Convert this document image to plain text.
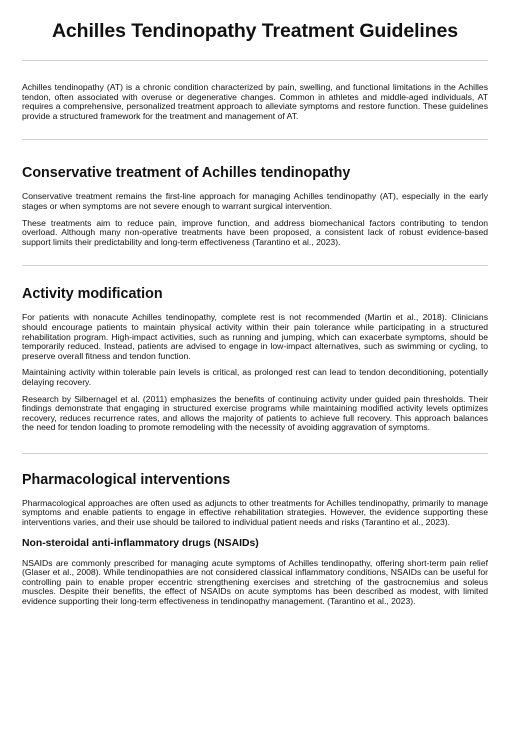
Achilles Tendinopathy Treatment Guidelines

Achilles tendinopathy (AT) is a chronic condition characterized by pain, swelling, and functional limitations in the Achilles tendon, often associated with overuse or degenerative changes. Common in athletes and middle-aged individuals, AT requires a comprehensive, personalized treatment approach to alleviate symptoms and restore function. These guidelines provide a structured framework for the treatment and management of AT.

Conservative treatment of Achilles tendinopathy

Conservative treatment remains the first-line approach for managing Achilles tendinopathy (AT), especially in the early stages or when symptoms are not severe enough to warrant surgical intervention.

These treatments aim to reduce pain, improve function, and address biomechanical factors contributing to tendon overload. Although many non-operative treatments have been proposed, a consistent lack of robust evidence-based support limits their predictability and long-term effectiveness (Tarantino et al., 2023).

Activity modification

For patients with nonacute Achilles tendinopathy, complete rest is not recommended (Martin et al., 2018). Clinicians should encourage patients to maintain physical activity within their pain tolerance while participating in a structured rehabilitation program. High-impact activities, such as running and jumping, which can exacerbate symptoms, should be temporarily reduced. Instead, patients are advised to engage in low-impact alternatives, such as swimming or cycling, to preserve overall fitness and tendon function.

Maintaining activity within tolerable pain levels is critical, as prolonged rest can lead to tendon deconditioning, potentially delaying recovery.

Research by Silbernagel et al. (2011) emphasizes the benefits of continuing activity under guided pain thresholds. Their findings demonstrate that engaging in structured exercise programs while maintaining modified activity levels optimizes recovery, reduces recurrence rates, and allows the majority of patients to achieve full recovery. This approach balances the need for tendon loading to promote remodeling with the necessity of avoiding aggravation of symptoms.

Pharmacological interventions

Pharmacological approaches are often used as adjuncts to other treatments for Achilles tendinopathy, primarily to manage symptoms and enable patients to engage in effective rehabilitation strategies. However, the evidence supporting these interventions varies, and their use should be tailored to individual patient needs and risks (Tarantino et al., 2023).

Non-steroidal anti-inflammatory drugs (NSAIDs)

NSAIDs are commonly prescribed for managing acute symptoms of Achilles tendinopathy, offering short-term pain relief (Glaser et al., 2008). While tendinopathies are not considered classical inflammatory conditions, NSAIDs can be useful for controlling pain to enable proper eccentric strengthening exercises and stretching of the gastrocnemius and soleus muscles. Despite their benefits, the effect of NSAIDs on acute symptoms has been described as modest, with limited evidence supporting their long-term effectiveness in tendinopathy management. (Tarantino et al., 2023).
